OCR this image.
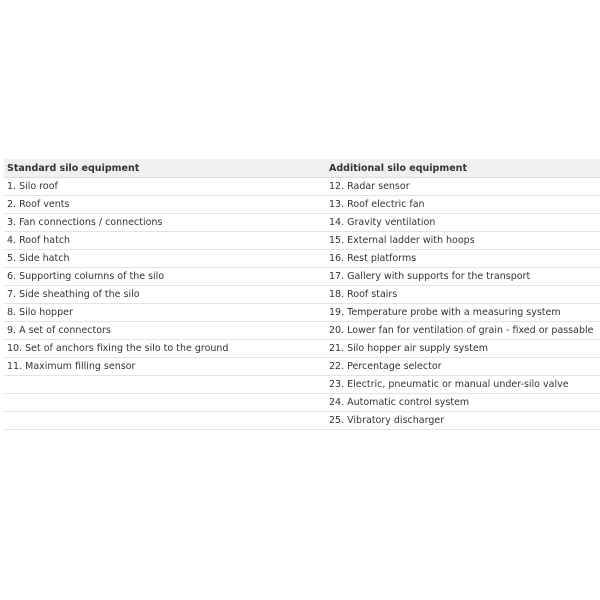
Standard silo equipment	Additional silo equipment
1. Silo roof	12. Radar sensor
2. Roof vents	13. Roof electric fan
3. Fan connections / connections	14. Gravity ventilation
4. Roof hatch	15. External ladder with hoops
5. Side hatch	16. Rest platforms
6. Supporting columns of the silo	17. Gallery with supports for the transport
7. Side sheathing of the silo	18. Roof stairs
8. Silo hopper	19. Temperature probe with a measuring system
9. A set of connectors	20. Lower fan for ventilation of grain - fixed or passable
10. Set of anchors fixing the silo to the ground	21. Silo hopper air supply system
11. Maximum filling sensor	22. Percentage selector
	23. Electric, pneumatic or manual under-silo valve
	24. Automatic control system
	25. Vibratory discharger
